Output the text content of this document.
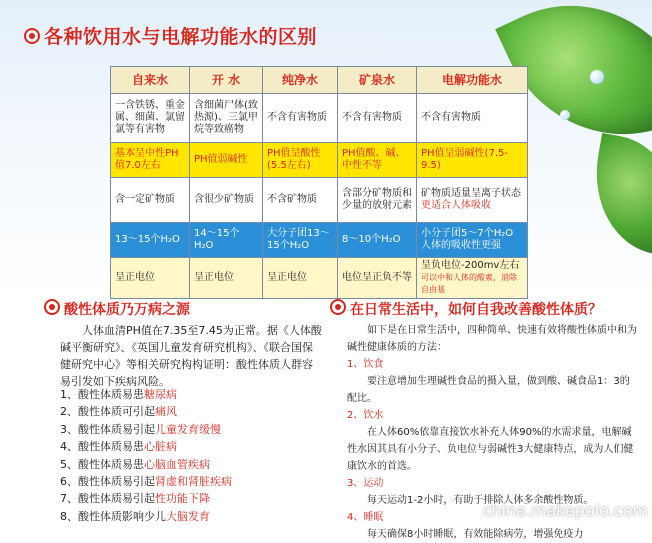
各种饮用水与电解功能水的区别
自来水	开 水	纯净水	矿泉水	电解功能水
一含铁锈、重金属、细菌、氯留氯等有害物	含细菌尸体(致热源)、三氯甲烷等致癌物	不含有害物质	不含有害物质	不含有害物质
基本呈中性PH值7.0左右	PH值弱碱性	PH值呈酸性(5.5左右)	PH值酸、碱、中性不等	PH值呈弱碱性(7.5-9.5)
含一定矿物质	含很少矿物质	不含矿物质	含部分矿物质和少量的放射元素	矿物质适量呈离子状态
更适合人体吸收

13～15个H₂O	14～15个H₂O	大分子团13～15个H₂O	8～10个H₂O	小分子团5～7个H₂O
人体的吸收性更强

呈正电位	呈正电位	呈正电位	电位呈正负不等	呈负电位-200mv左右
可以中和人体的酸素，消除自由基
酸性体质乃万病之源
人体血清PH值在7.35至7.45为正常。据《人体酸碱平衡研究》、《英国儿童发育研究机构》、《联合国保健研究中心》等相关研究构构证明：酸性体质人群容易引发如下疾病风险。
1、酸性体质易患糖尿病
2、酸性体质可引起痛风
3、酸性体质易引起儿童发育缓慢
4、酸性体质易患心脏病
5、酸性体质易患心脑血管疾病
6、酸性体质易引起肾虚和肾脏疾病
7、酸性体质易引起性功能下降
8、酸性体质影响少儿大脑发育
在日常生活中，如何自我改善酸性体质？
如下是在日常生活中，四种简单、快速有效将酸性体质中和为碱性健康体质的方法：
1、饮食
要注意增加生理碱性食品的摄入量，做到酸、碱食品1：3的配比。
2、饮水
在人体60%依靠直接饮水补充人体90%的水需求量，电解碱性水因其具有小分子、负电位与弱碱性3大健康特点，成为人们健康饮水的首选。
3、运动
每天运动1-2小时，有助于排除人体多余酸性物质。
4、睡眠
每天确保8小时睡眠，有效能除病劳，增强免疫力
china.makepolo.com
